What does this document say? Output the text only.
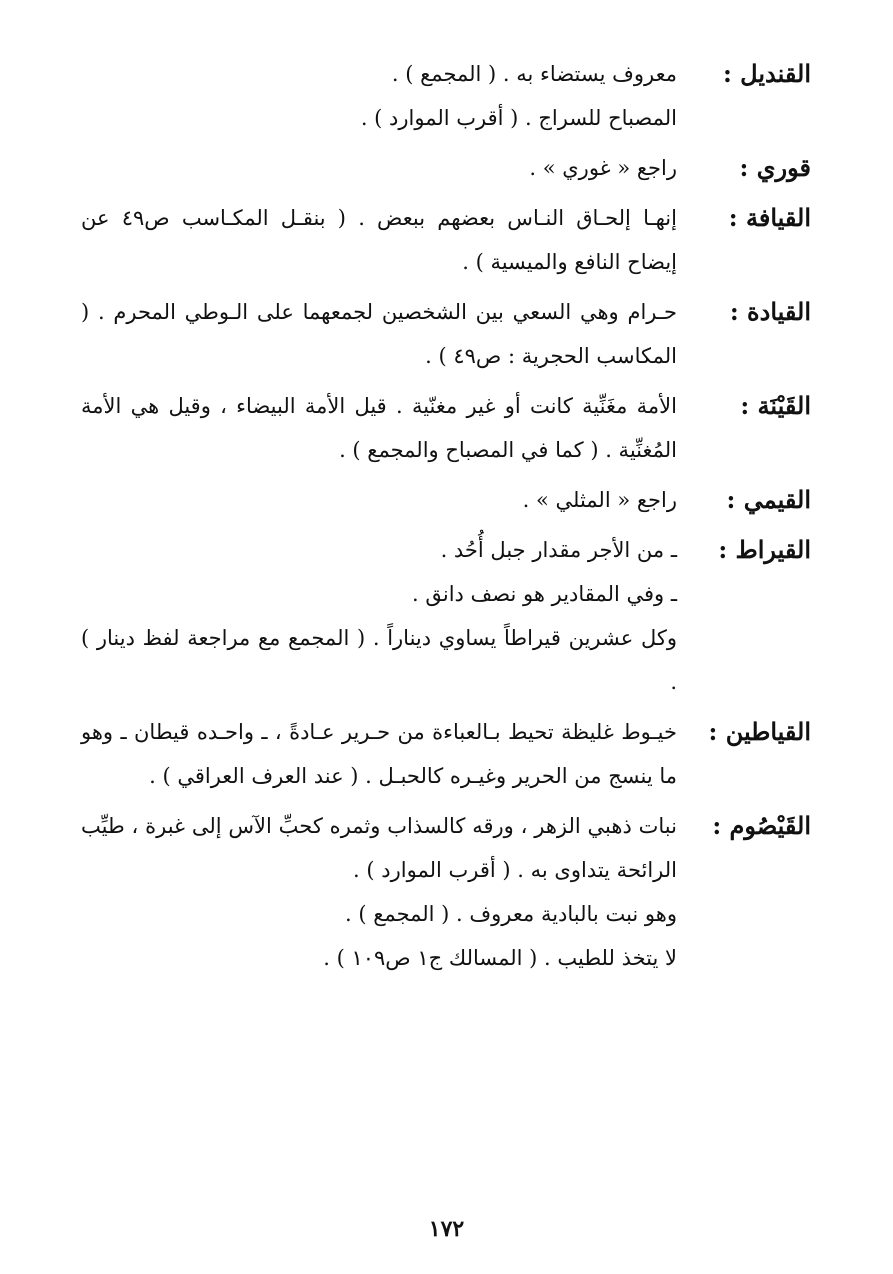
القنديل :
معروف يستضاء به . ( المجمع ) .
المصباح للسراج . ( أقرب الموارد ) .
قوري :
راجع « غوري » .
القيافة :
إنهـا إلحـاق النـاس بعضهم ببعض . ( بنقـل المكـاسب ص٤٩ عن إيضاح النافع والميسية ) .
القيادة :
حـرام وهي السعي بين الشخصين لجمعهما على الـوطي المحرم . ( المكاسب الحجرية : ص٤٩ ) .
القَيْنَة :
الأمة مغَنِّية كانت أو غير مغنّية . قيل الأمة البيضاء ، وقيل هي الأمة المُغنِّية . ( كما في المصباح والمجمع ) .
القيمي :
راجع « المثلي » .
القيراط :
ـ من الأجر مقدار جبل أُحُد .
ـ وفي المقادير هو نصف دانق .
وكل عشرين قيراطاً يساوي ديناراً . ( المجمع مع مراجعة لفظ دينار ) .
القياطين :
خيـوط غليظة تحيط بـالعباءة من حـرير عـادةً ، ـ واحـده قيطان ـ وهو ما ينسج من الحرير وغيـره كالحبـل . ( عند العرف العراقي ) .
القَيْصُوم :
نبات ذهبي الزهر ، ورقه كالسذاب وثمره كحبِّ الآس إلى غبرة ، طيِّب الرائحة يتداوى به . ( أقرب الموارد ) .
وهو نبت بالبادية معروف . ( المجمع ) .
لا يتخذ للطيب . ( المسالك ج١ ص١٠٩ ) .
١٧٢
